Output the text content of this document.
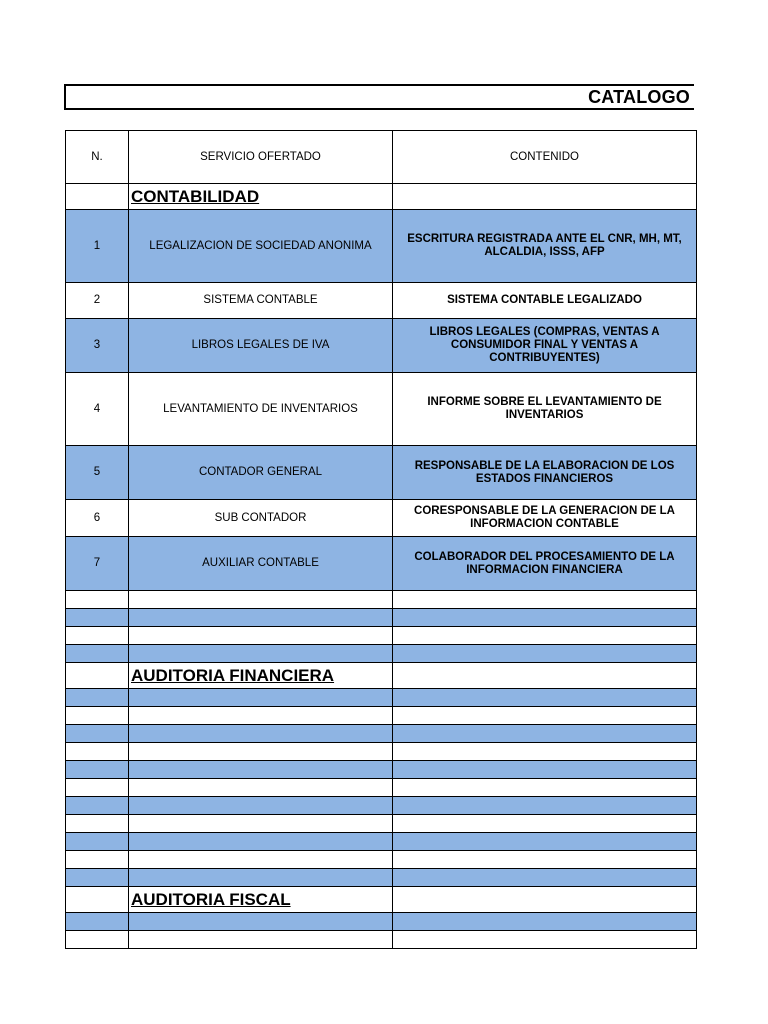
CATALOGO
N.	SERVICIO OFERTADO	CONTENIDO
	CONTABILIDAD	
1	LEGALIZACION DE SOCIEDAD ANONIMA	ESCRITURA REGISTRADA ANTE EL CNR, MH, MT, ALCALDIA, ISSS, AFP
2	SISTEMA CONTABLE	SISTEMA CONTABLE LEGALIZADO
3	LIBROS LEGALES DE IVA	LIBROS LEGALES (COMPRAS, VENTAS A CONSUMIDOR FINAL Y VENTAS A CONTRIBUYENTES)
4	LEVANTAMIENTO DE INVENTARIOS	INFORME SOBRE EL LEVANTAMIENTO DE INVENTARIOS
5	CONTADOR GENERAL	RESPONSABLE DE LA ELABORACION DE LOS ESTADOS FINANCIEROS
6	SUB CONTADOR	CORESPONSABLE DE LA GENERACION DE LA INFORMACION CONTABLE
7	AUXILIAR CONTABLE	COLABORADOR DEL PROCESAMIENTO DE LA INFORMACION FINANCIERA

	AUDITORIA FINANCIERA	

	AUDITORIA FISCAL	
